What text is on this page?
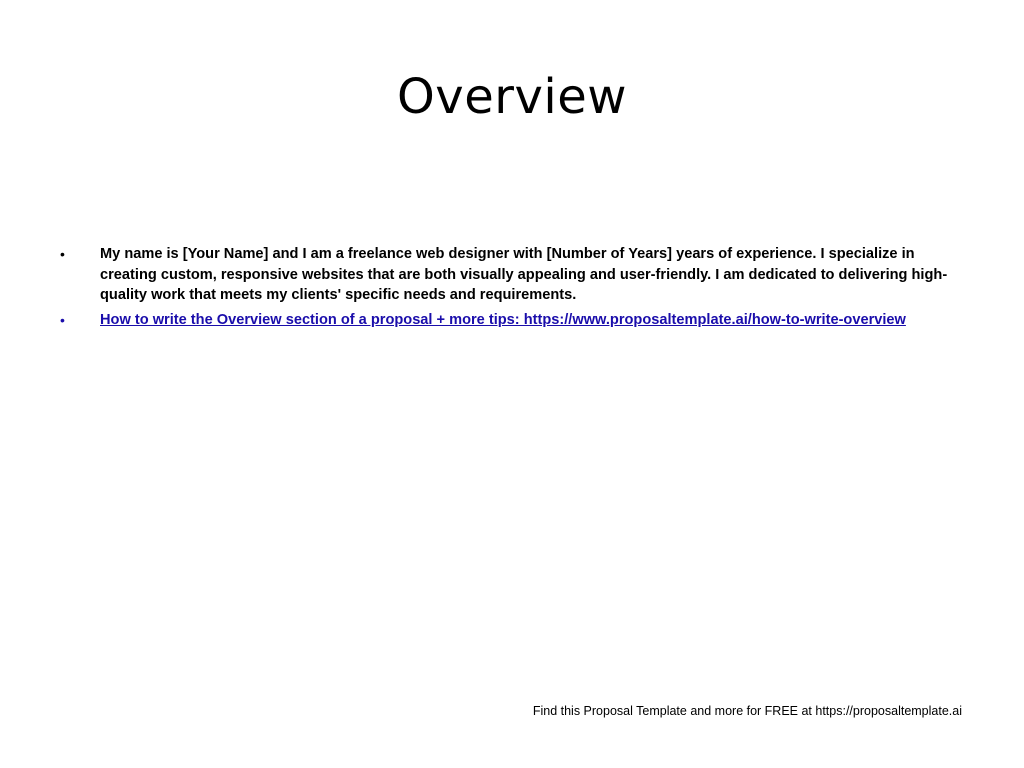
Overview
• My name is [Your Name] and I am a freelance web designer with [Number of Years] years of experience. I specialize in creating custom, responsive websites that are both visually appealing and user-friendly. I am dedicated to delivering high-quality work that meets my clients' specific needs and requirements.
• How to write the Overview section of a proposal + more tips: https://www.proposaltemplate.ai/how-to-write-overview
Find this Proposal Template and more for FREE at https://proposaltemplate.ai
